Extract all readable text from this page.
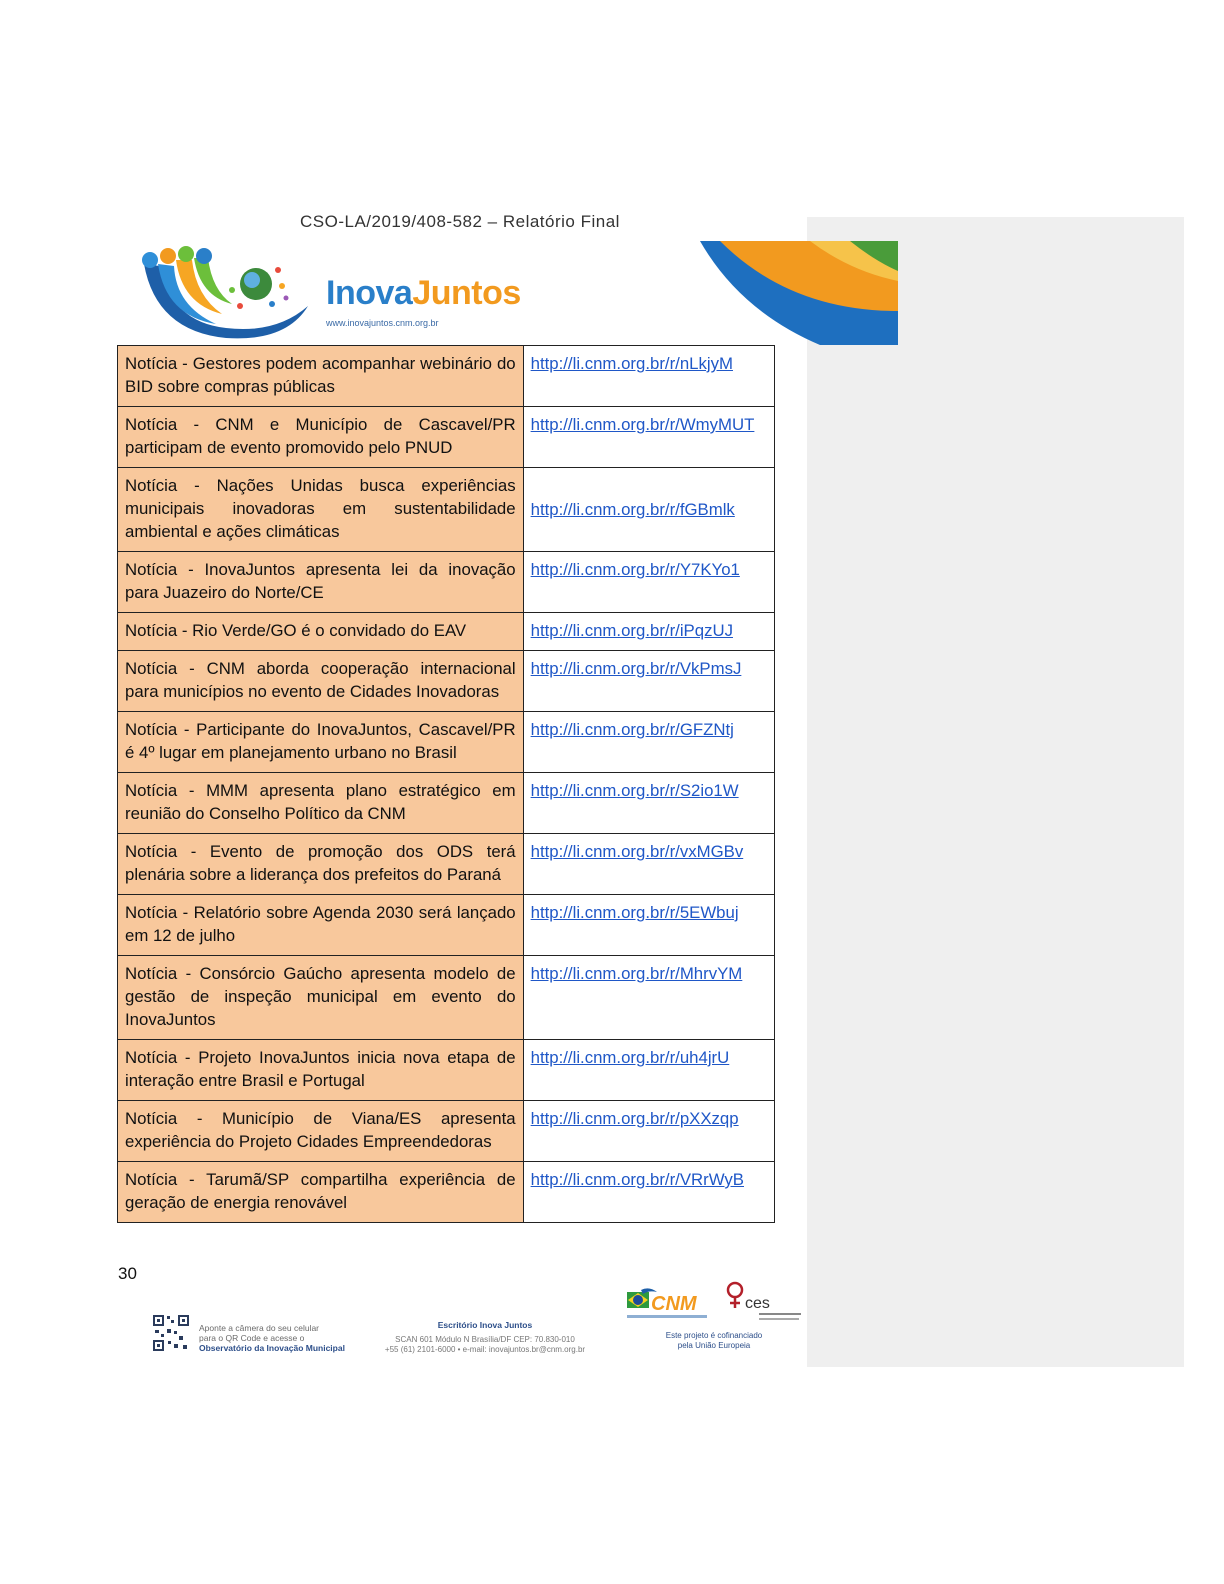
CSO-LA/2019/408-582 – Relatório Final
InovaJuntos
www.inovajuntos.cnm.org.br
Notícia - Gestores podem acompanhar webinário do BID sobre compras públicas	http://li.cnm.org.br/r/nLkjyM
Notícia - CNM e Município de Cascavel/PR participam de evento promovido pelo PNUD	http://li.cnm.org.br/r/WmyMUT
Notícia - Nações Unidas busca experiências municipais inovadoras em sustentabilidade ambiental e ações climáticas	http://li.cnm.org.br/r/fGBmlk
Notícia - InovaJuntos apresenta lei da inovação para Juazeiro do Norte/CE	http://li.cnm.org.br/r/Y7KYo1
Notícia - Rio Verde/GO é o convidado do EAV	http://li.cnm.org.br/r/iPqzUJ
Notícia - CNM aborda cooperação internacional para municípios no evento de Cidades Inovadoras	http://li.cnm.org.br/r/VkPmsJ
Notícia - Participante do InovaJuntos, Cascavel/PR é 4º lugar em planejamento urbano no Brasil	http://li.cnm.org.br/r/GFZNtj
Notícia - MMM apresenta plano estratégico em reunião do Conselho Político da CNM	http://li.cnm.org.br/r/S2io1W
Notícia - Evento de promoção dos ODS terá plenária sobre a liderança dos prefeitos do Paraná	http://li.cnm.org.br/r/vxMGBv
Notícia - Relatório sobre Agenda 2030 será lançado em 12 de julho	http://li.cnm.org.br/r/5EWbuj
Notícia - Consórcio Gaúcho apresenta modelo de gestão de inspeção municipal em evento do InovaJuntos	http://li.cnm.org.br/r/MhrvYM
Notícia - Projeto InovaJuntos inicia nova etapa de interação entre Brasil e Portugal	http://li.cnm.org.br/r/uh4jrU
Notícia - Município de Viana/ES apresenta experiência do Projeto Cidades Empreendedoras	http://li.cnm.org.br/r/pXXzqp
Notícia - Tarumã/SP compartilha experiência de geração de energia renovável	http://li.cnm.org.br/r/VRrWyB
30
Aponte a câmera do seu celular
para o QR Code e acesse o
Observatório da Inovação Municipal
Escritório Inova Juntos
SCAN 601 Módulo N Brasília/DF CEP: 70.830-010
+55 (61) 2101-6000 • e-mail: inovajuntos.br@cnm.org.br
CNM	ces
Este projeto é cofinanciado
pela União Europeia
